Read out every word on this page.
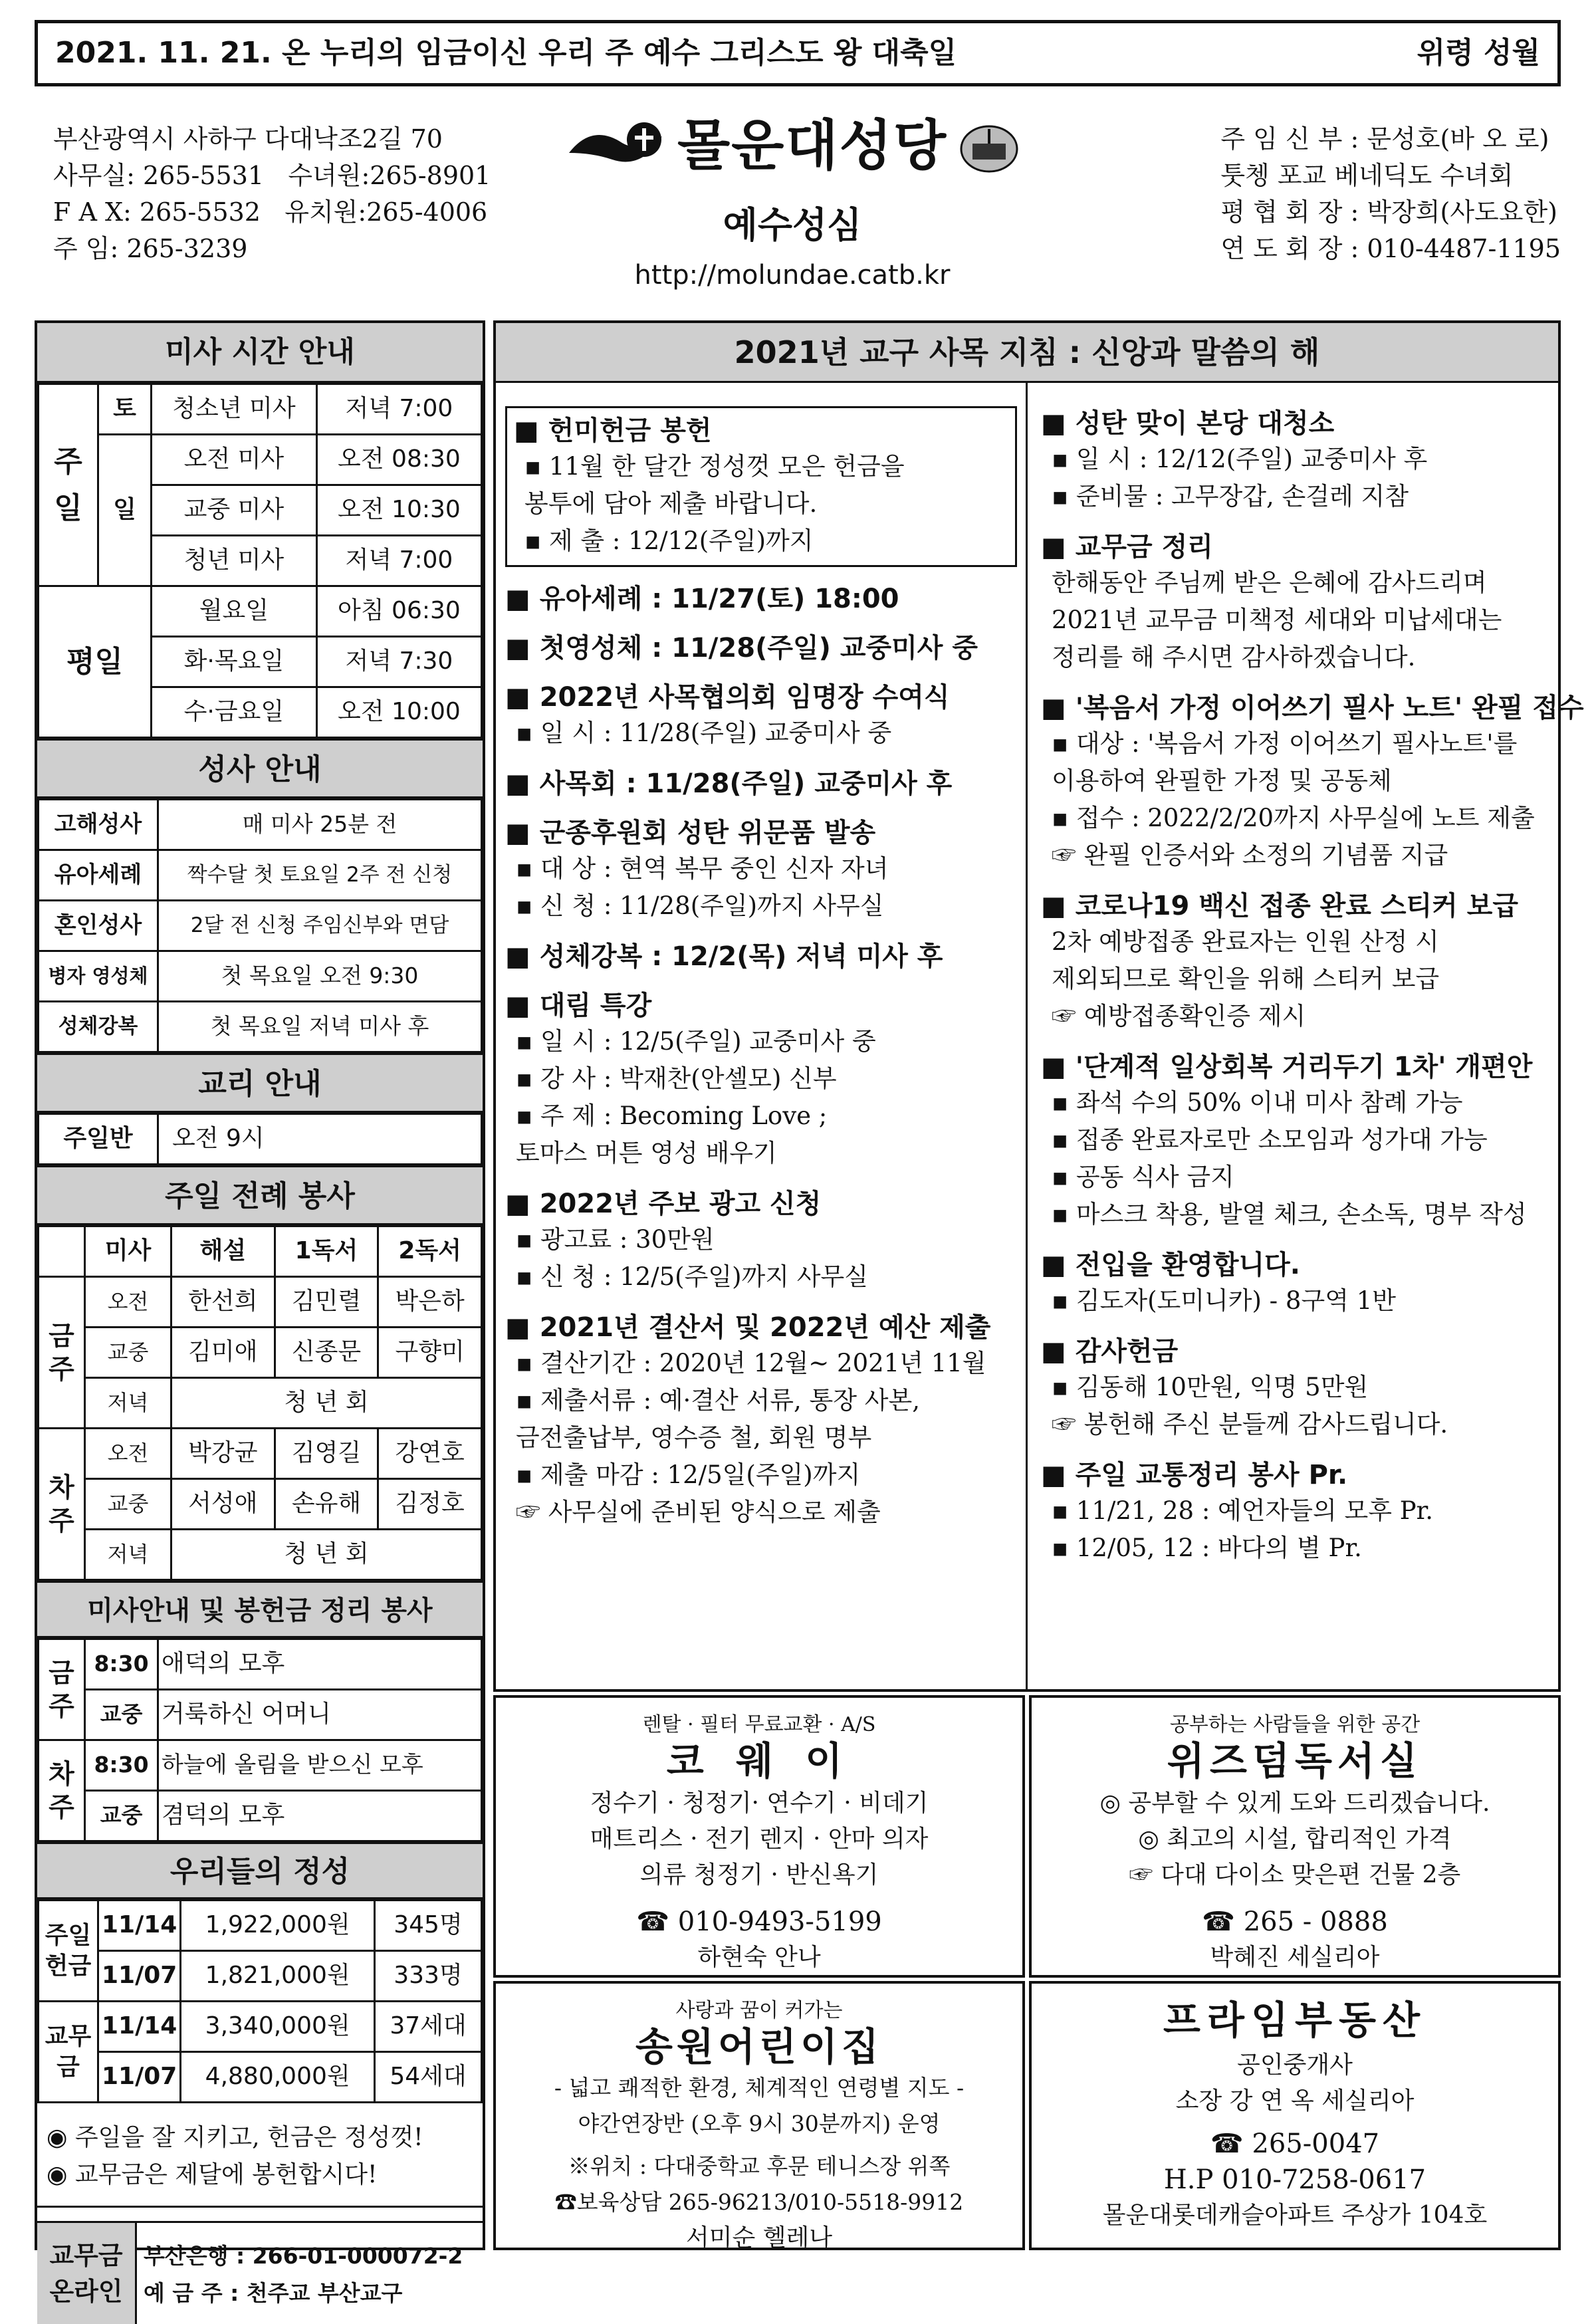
2021. 11. 21. 온 누리의 임금이신 우리 주 예수 그리스도 왕 대축일	위령 성월
부산광역시 사하구 다대낙조2길 70
사무실: 265-5531 수녀원:265-8901
F A X: 265-5532 유치원:265-4006
주 임: 265-3239
몰운대성당
예수성심
http://molundae.catb.kr
주 임 신 부 : 문성호(바 오 로)
툿쳉 포교 베네딕도 수녀회
평 협 회 장 : 박장희(사도요한)
연 도 회 장 : 010-4487-1195
미사 시간 안내
주일	토	청소년 미사	저녁 7:00
	일	오전 미사	오전 08:30
		교중 미사	오전 10:30
		청년 미사	저녁 7:00
평일		월요일	아침 06:30
		화·목요일	저녁 7:30
		수·금요일	오전 10:00
성사 안내
고해성사	매 미사 25분 전
유아세례	짝수달 첫 토요일 2주 전 신청
혼인성사	2달 전 신청 주임신부와 면담
병자 영성체	첫 목요일 오전 9:30
성체강복	첫 목요일 저녁 미사 후
교리 안내
주일반	오전 9시
주일 전례 봉사
	미사	해설	1독서	2독서
금주	오전	한선희	김민렬	박은하
	교중	김미애	신종문	구향미
	저녁	청 년 회		
차주	오전	박강균	김영길	강연호
	교중	서성애	손유해	김정호
	저녁	청 년 회		
미사안내 및 봉헌금 정리 봉사
금주	8:30	애덕의 모후
	교중	거룩하신 어머니
차주	8:30	하늘에 올림을 받으신 모후
	교중	겸덕의 모후
우리들의 정성
주일헌금	11/14	1,922,000원	345명
	11/07	1,821,000원	333명
교무금	11/14	3,340,000원	37세대
	11/07	4,880,000원	54세대
◉ 주일을 잘 지키고, 헌금은 정성껏!
◉ 교무금은 제달에 봉헌합시다!
교무금 온라인
부산은행 : 266-01-000072-2
예 금 주 : 천주교 부산교구
2021년 교구 사목 지침 : 신앙과 말씀의 해
■ 헌미헌금 봉헌
▪ 11월 한 달간 정성껏 모은 헌금을
봉투에 담아 제출 바랍니다.
▪ 제 출 : 12/12(주일)까지
■ 유아세례 : 11/27(토) 18:00
■ 첫영성체 : 11/28(주일) 교중미사 중
■ 2022년 사목협의회 임명장 수여식
▪ 일 시 : 11/28(주일) 교중미사 중
■ 사목회 : 11/28(주일) 교중미사 후
■ 군종후원회 성탄 위문품 발송
▪ 대 상 : 현역 복무 중인 신자 자녀
▪ 신 청 : 11/28(주일)까지 사무실
■ 성체강복 : 12/2(목) 저녁 미사 후
■ 대림 특강
▪ 일 시 : 12/5(주일) 교중미사 중
▪ 강 사 : 박재찬(안셀모) 신부
▪ 주 제 : Becoming Love ;
토마스 머튼 영성 배우기
■ 2022년 주보 광고 신청
▪ 광고료 : 30만원
▪ 신 청 : 12/5(주일)까지 사무실
■ 2021년 결산서 및 2022년 예산 제출
▪ 결산기간 : 2020년 12월~ 2021년 11월
▪ 제출서류 : 예·결산 서류, 통장 사본,
금전출납부, 영수증 철, 회원 명부
▪ 제출 마감 : 12/5일(주일)까지
☞ 사무실에 준비된 양식으로 제출
■ 성탄 맞이 본당 대청소
▪ 일 시 : 12/12(주일) 교중미사 후
▪ 준비물 : 고무장갑, 손걸레 지참
■ 교무금 정리
한해동안 주님께 받은 은혜에 감사드리며
2021년 교무금 미책정 세대와 미납세대는
정리를 해 주시면 감사하겠습니다.
■ '복음서 가정 이어쓰기 필사 노트' 완필 접수
▪ 대상 : '복음서 가정 이어쓰기 필사노트'를
이용하여 완필한 가정 및 공동체
▪ 접수 : 2022/2/20까지 사무실에 노트 제출
☞ 완필 인증서와 소정의 기념품 지급
■ 코로나19 백신 접종 완료 스티커 보급
2차 예방접종 완료자는 인원 산정 시
제외되므로 확인을 위해 스티커 보급
☞ 예방접종확인증 제시
■ '단계적 일상회복 거리두기 1차' 개편안
▪ 좌석 수의 50% 이내 미사 참례 가능
▪ 접종 완료자로만 소모임과 성가대 가능
▪ 공동 식사 금지
▪ 마스크 착용, 발열 체크, 손소독, 명부 작성
■ 전입을 환영합니다.
▪ 김도자(도미니카) - 8구역 1반
■ 감사헌금
▪ 김동해 10만원, 익명 5만원
☞ 봉헌해 주신 분들께 감사드립니다.
■ 주일 교통정리 봉사 Pr.
▪ 11/21, 28 : 예언자들의 모후 Pr.
▪ 12/05, 12 : 바다의 별 Pr.
렌탈 · 필터 무료교환 · A/S
코 웨 이
정수기 · 청정기· 연수기 · 비데기
매트리스 · 전기 렌지 · 안마 의자
의류 청정기 · 반신욕기
☎ 010-9493-5199
하현숙 안나
공부하는 사람들을 위한 공간
위즈덤독서실
◎ 공부할 수 있게 도와 드리겠습니다.
◎ 최고의 시설, 합리적인 가격
☞ 다대 다이소 맞은편 건물 2층
☎ 265 - 0888
박혜진 세실리아
사랑과 꿈이 커가는
송원어린이집
- 넓고 쾌적한 환경, 체계적인 연령별 지도 -
야간연장반 (오후 9시 30분까지) 운영
※위치 : 다대중학교 후문 테니스장 위쪽
☎보육상담 265-96213/010-5518-9912
서미순 헬레나
프라임부동산
공인중개사
소장 강 연 옥 세실리아
☎ 265-0047
H.P 010-7258-0617
몰운대롯데캐슬아파트 주상가 104호
